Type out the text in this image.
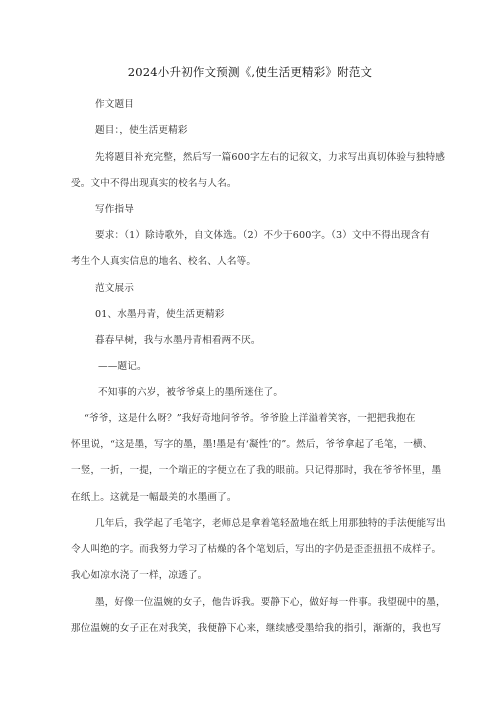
2024小升初作文预测《,使生活更精彩》附范文
作文题目
题目：，使生活更精彩
先将题目补充完整，然后写一篇600字左右的记叙文，力求写出真切体验与独特感
受。文中不得出现真实的校名与人名。
写作指导
要求：（1）除诗歌外，自文体选。（2）不少于600字。（3）文中不得出现含有
考生个人真实信息的地名、校名、人名等。
范文展示
01、水墨丹青，使生活更精彩
暮春早树，我与水墨丹青相看两不厌。
——题记。
不知事的六岁，被爷爷桌上的墨所迷住了。
“爷爷，这是什么呀？”我好奇地问爷爷。爷爷脸上洋溢着笑容，一把把我抱在
怀里说，“这是墨，写字的墨，墨!墨是有‘凝性’的”。然后，爷爷拿起了毛笔，一横、
一竖，一折，一提，一个端正的字便立在了我的眼前。只记得那时，我在爷爷怀里，墨
在纸上。这就是一幅最美的水墨画了。
几年后，我学起了毛笔字，老师总是拿着笔轻盈地在纸上用那独特的手法便能写出
令人叫绝的字。而我努力学习了枯燥的各个笔划后，写出的字仍是歪歪扭扭不成样子。
我心如凉水浇了一样，凉透了。
墨，好像一位温婉的女子，他告诉我。要静下心，做好每一件事。我望砚中的墨，
那位温婉的女子正在对我笑，我便静下心来，继续感受墨给我的指引，渐渐的，我也写
